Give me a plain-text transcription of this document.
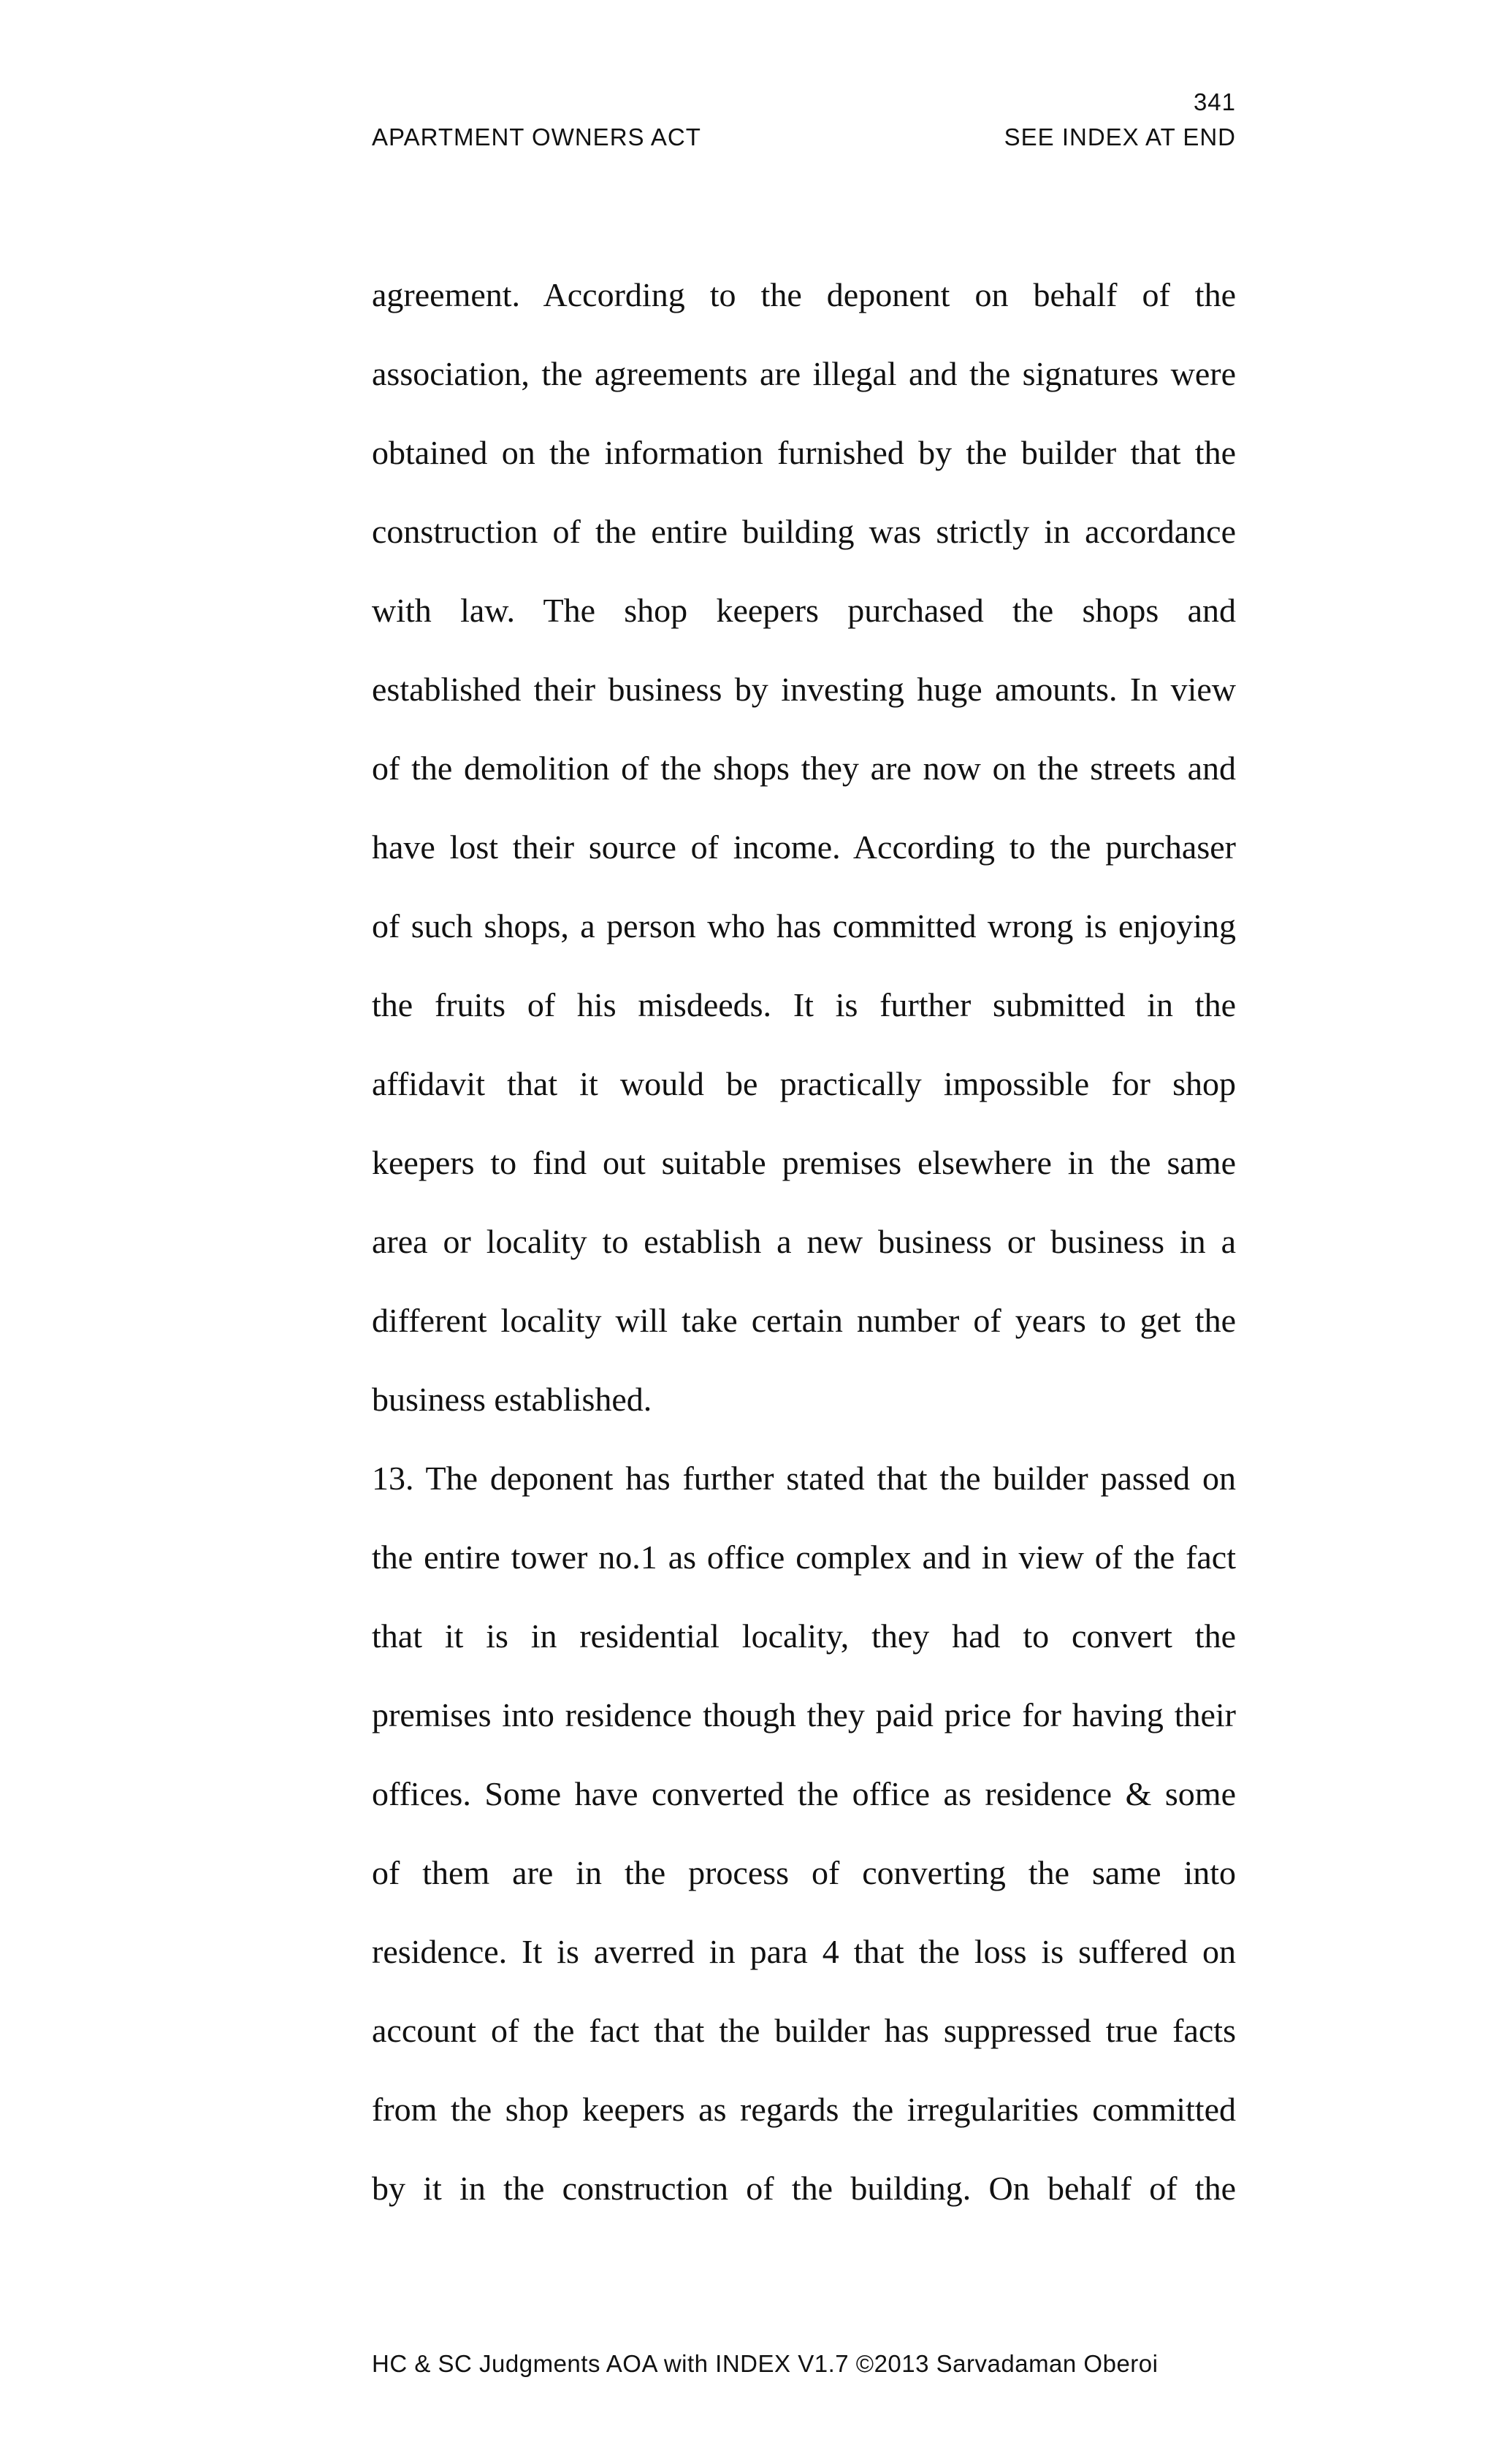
341
APARTMENT OWNERS ACT	SEE INDEX AT END
agreement. According to the deponent on behalf of the
association, the agreements are illegal and the signatures were
obtained on the information furnished by the builder that the
construction of the entire building was strictly in accordance
with law. The shop keepers purchased the shops and
established their business by investing huge amounts. In view
of the demolition of the shops they are now on the streets and
have lost their source of income. According to the purchaser
of such shops, a person who has committed wrong is enjoying
the fruits of his misdeeds. It is further submitted in the
affidavit that it would be practically impossible for shop
keepers to find out suitable premises elsewhere in the same
area or locality to establish a new business or business in a
different locality will take certain number of years to get the
business established.
13. The deponent has further stated that the builder passed on
the entire tower no.1 as office complex and in view of the fact
that it is in residential locality, they had to convert the
premises into residence though they paid price for having their
offices. Some have converted the office as residence & some
of them are in the process of converting the same into
residence. It is averred in para 4 that the loss is suffered on
account of the fact that the builder has suppressed true facts
from the shop keepers as regards the irregularities committed
by it in the construction of the building. On behalf of the
HC & SC Judgments AOA with INDEX V1.7 ©2013 Sarvadaman Oberoi
